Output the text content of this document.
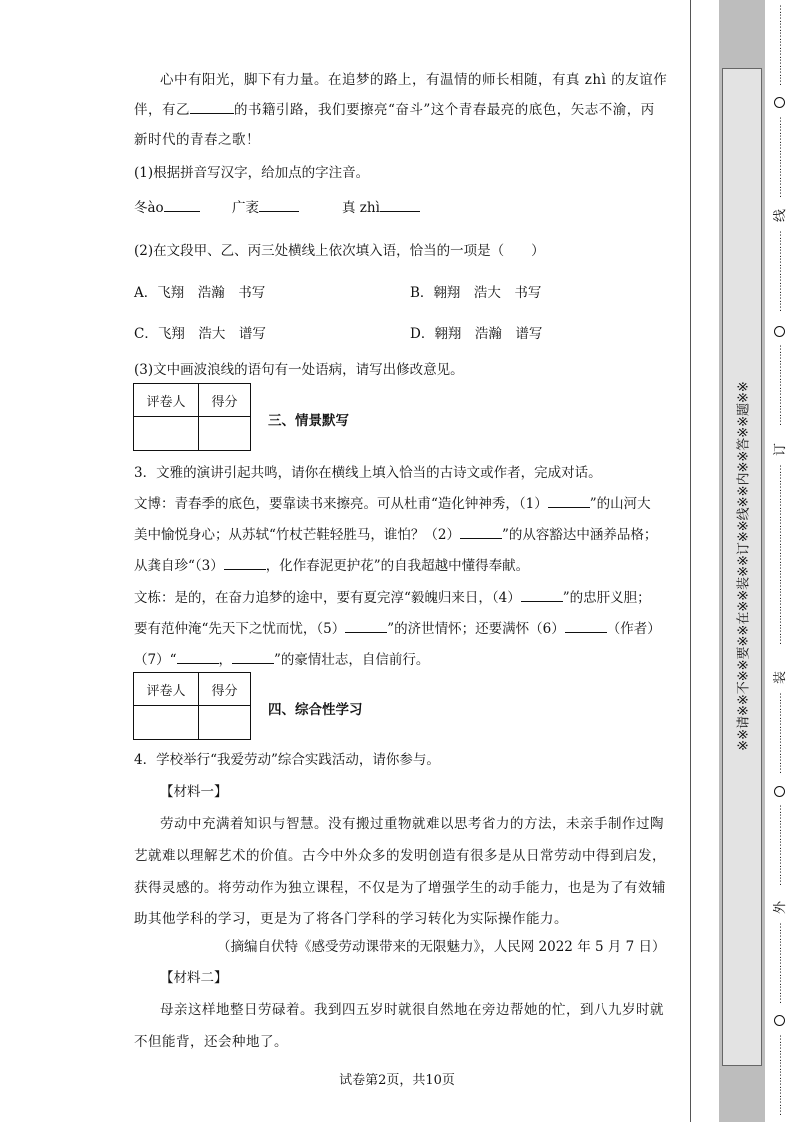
心中有阳光，脚下有力量。在追梦的路上，有温情的师长相随，有真 zhì 的友谊作
伴，有乙	的书籍引路，我们要擦亮“奋斗”这个青春最亮的底色，矢志不渝，丙
新时代的青春之歌！
(1)根据拼音写汉字，给加点的字注音。
冬ào	广袤	真 zhì
(2)在文段甲、乙、丙三处横线上依次填入语，恰当的一项是（　　）
A．飞翔　浩瀚　书写	B．翱翔　浩大　书写
C．飞翔　浩大　谱写	D．翱翔　浩瀚　谱写
(3)文中画波浪线的语句有一处语病，请写出修改意见。
评卷人	得分

三、情景默写
3．文雅的演讲引起共鸣，请你在横线上填入恰当的古诗文或作者，完成对话。
文博：青春季的底色，要靠读书来擦亮。可从杜甫“造化钟神秀，（1）	”的山河大
美中愉悦身心；从苏轼“竹杖芒鞋轻胜马，谁怕？（2）	”的从容豁达中涵养品格；
从龚自珍“（3）	，化作春泥更护花”的自我超越中懂得奉献。
文栋：是的，在奋力追梦的途中，要有夏完淳“毅魄归来日，（4）	”的忠肝义胆；
要有范仲淹“先天下之忧而忧，（5）	”的济世情怀；还要满怀（6）	（作者）
（7）“	，	”的豪情壮志，自信前行。
评卷人	得分

四、综合性学习
4．学校举行“我爱劳动”综合实践活动，请你参与。
【材料一】
劳动中充满着知识与智慧。没有搬过重物就难以思考省力的方法，未亲手制作过陶
艺就难以理解艺术的价值。古今中外众多的发明创造有很多是从日常劳动中得到启发，
获得灵感的。将劳动作为独立课程，不仅是为了增强学生的动手能力，也是为了有效辅
助其他学科的学习，更是为了将各门学科的学习转化为实际操作能力。
（摘编自伏特《感受劳动课带来的无限魅力》，人民网 2022 年 5 月 7 日）
【材料二】
母亲这样地整日劳碌着。我到四五岁时就很自然地在旁边帮她的忙，到八九岁时就
不但能背，还会种地了。
试卷第2页，共10页
※※请※※不※※要※※在※※装※※订※※线※※内※※答※※题※※
⋮
⋮
⋮
⋮
⋮
⋮
⋮
⋮
⋮
⋮
⋮
⋮
⋮
⋮
⋮
⋮
⋮
⋮
线
⋮
⋮
⋮
⋮
⋮
⋮
⋮
⋮
⋮
⋮
⋮
⋮
⋮
⋮
⋮
⋮
⋮
⋮
订
⋮
⋮
⋮
⋮
⋮
⋮
⋮
⋮
⋮
⋮
⋮
⋮
⋮
⋮
⋮
⋮
⋮
⋮
⋮
⋮
装
⋮
⋮
⋮
⋮
⋮
⋮
⋮
⋮
⋮
⋮
⋮
⋮
⋮
⋮
⋮
⋮
⋮
⋮
外
⋮
⋮
⋮
⋮
⋮
⋮
⋮
⋮
⋮
⋮
⋮
⋮
⋮
⋮
⋮
⋮
⋮
⋮
